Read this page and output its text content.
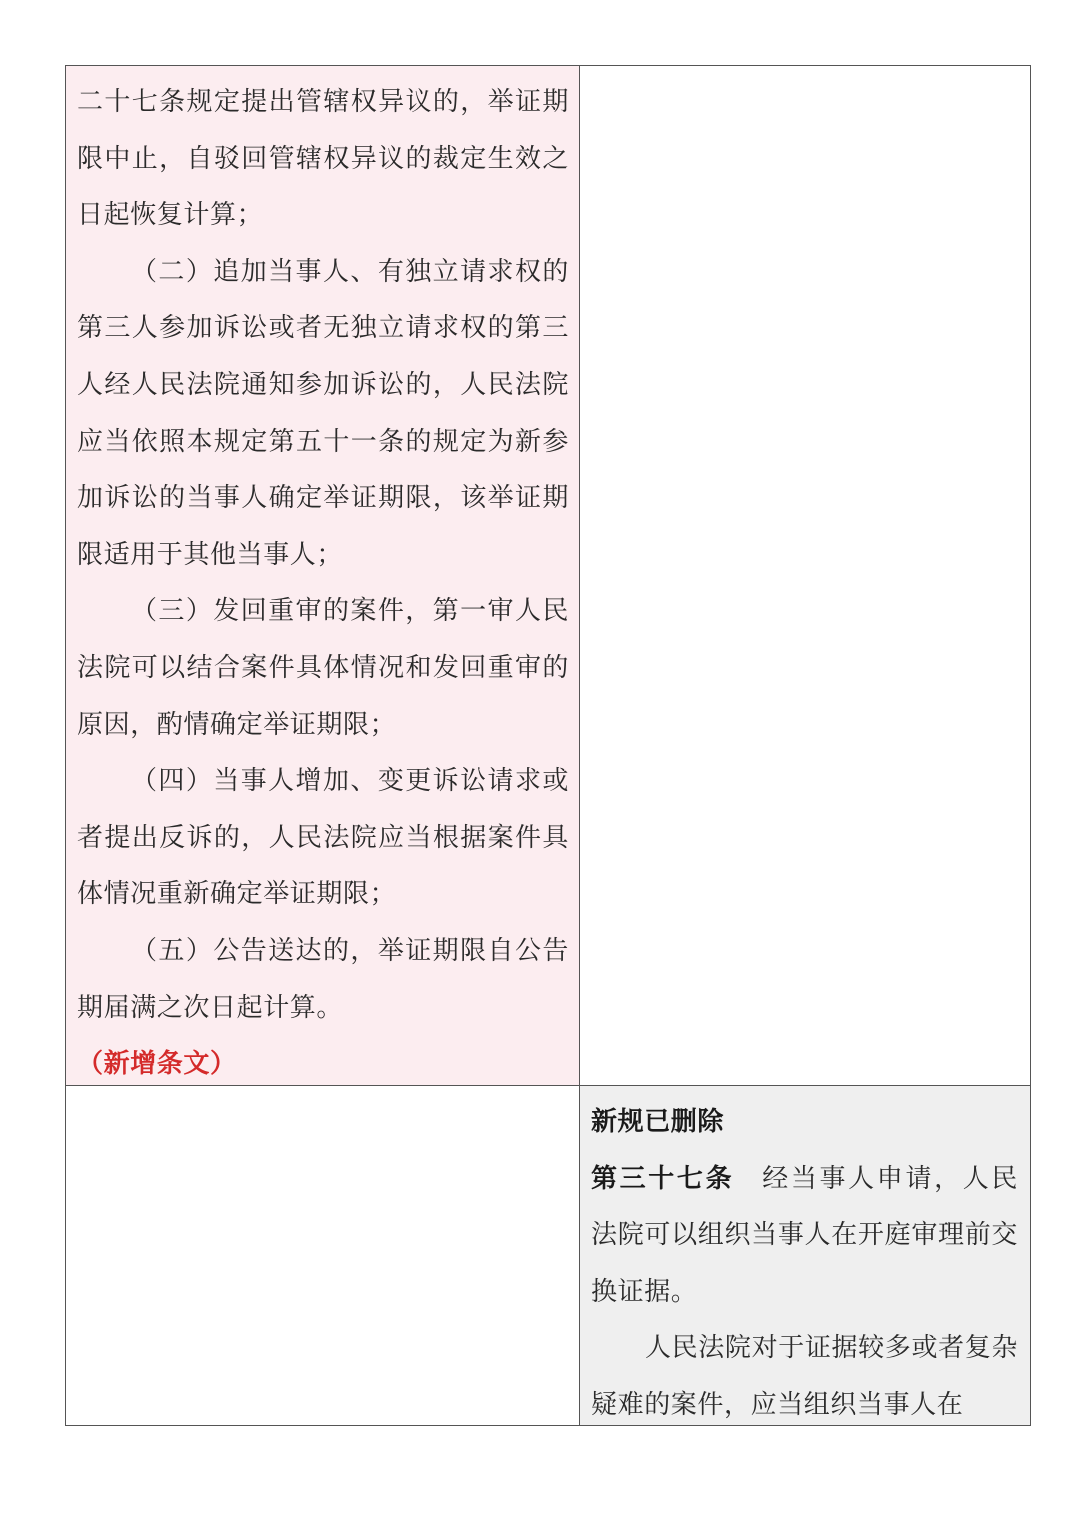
二十七条规定提出管辖权异议的，举证期限中止，自驳回管辖权异议的裁定生效之日起恢复计算；

（二）追加当事人、有独立请求权的第三人参加诉讼或者无独立请求权的第三人经人民法院通知参加诉讼的，人民法院应当依照本规定第五十一条的规定为新参加诉讼的当事人确定举证期限，该举证期限适用于其他当事人；

（三）发回重审的案件，第一审人民法院可以结合案件具体情况和发回重审的原因，酌情确定举证期限；

（四）当事人增加、变更诉讼请求或者提出反诉的，人民法院应当根据案件具体情况重新确定举证期限；

（五）公告送达的，举证期限自公告期届满之次日起计算。

（新增条文）

新规已删除

第三十七条 经当事人申请，人民法院可以组织当事人在开庭审理前交换证据。

人民法院对于证据较多或者复杂疑难的案件，应当组织当事人在
